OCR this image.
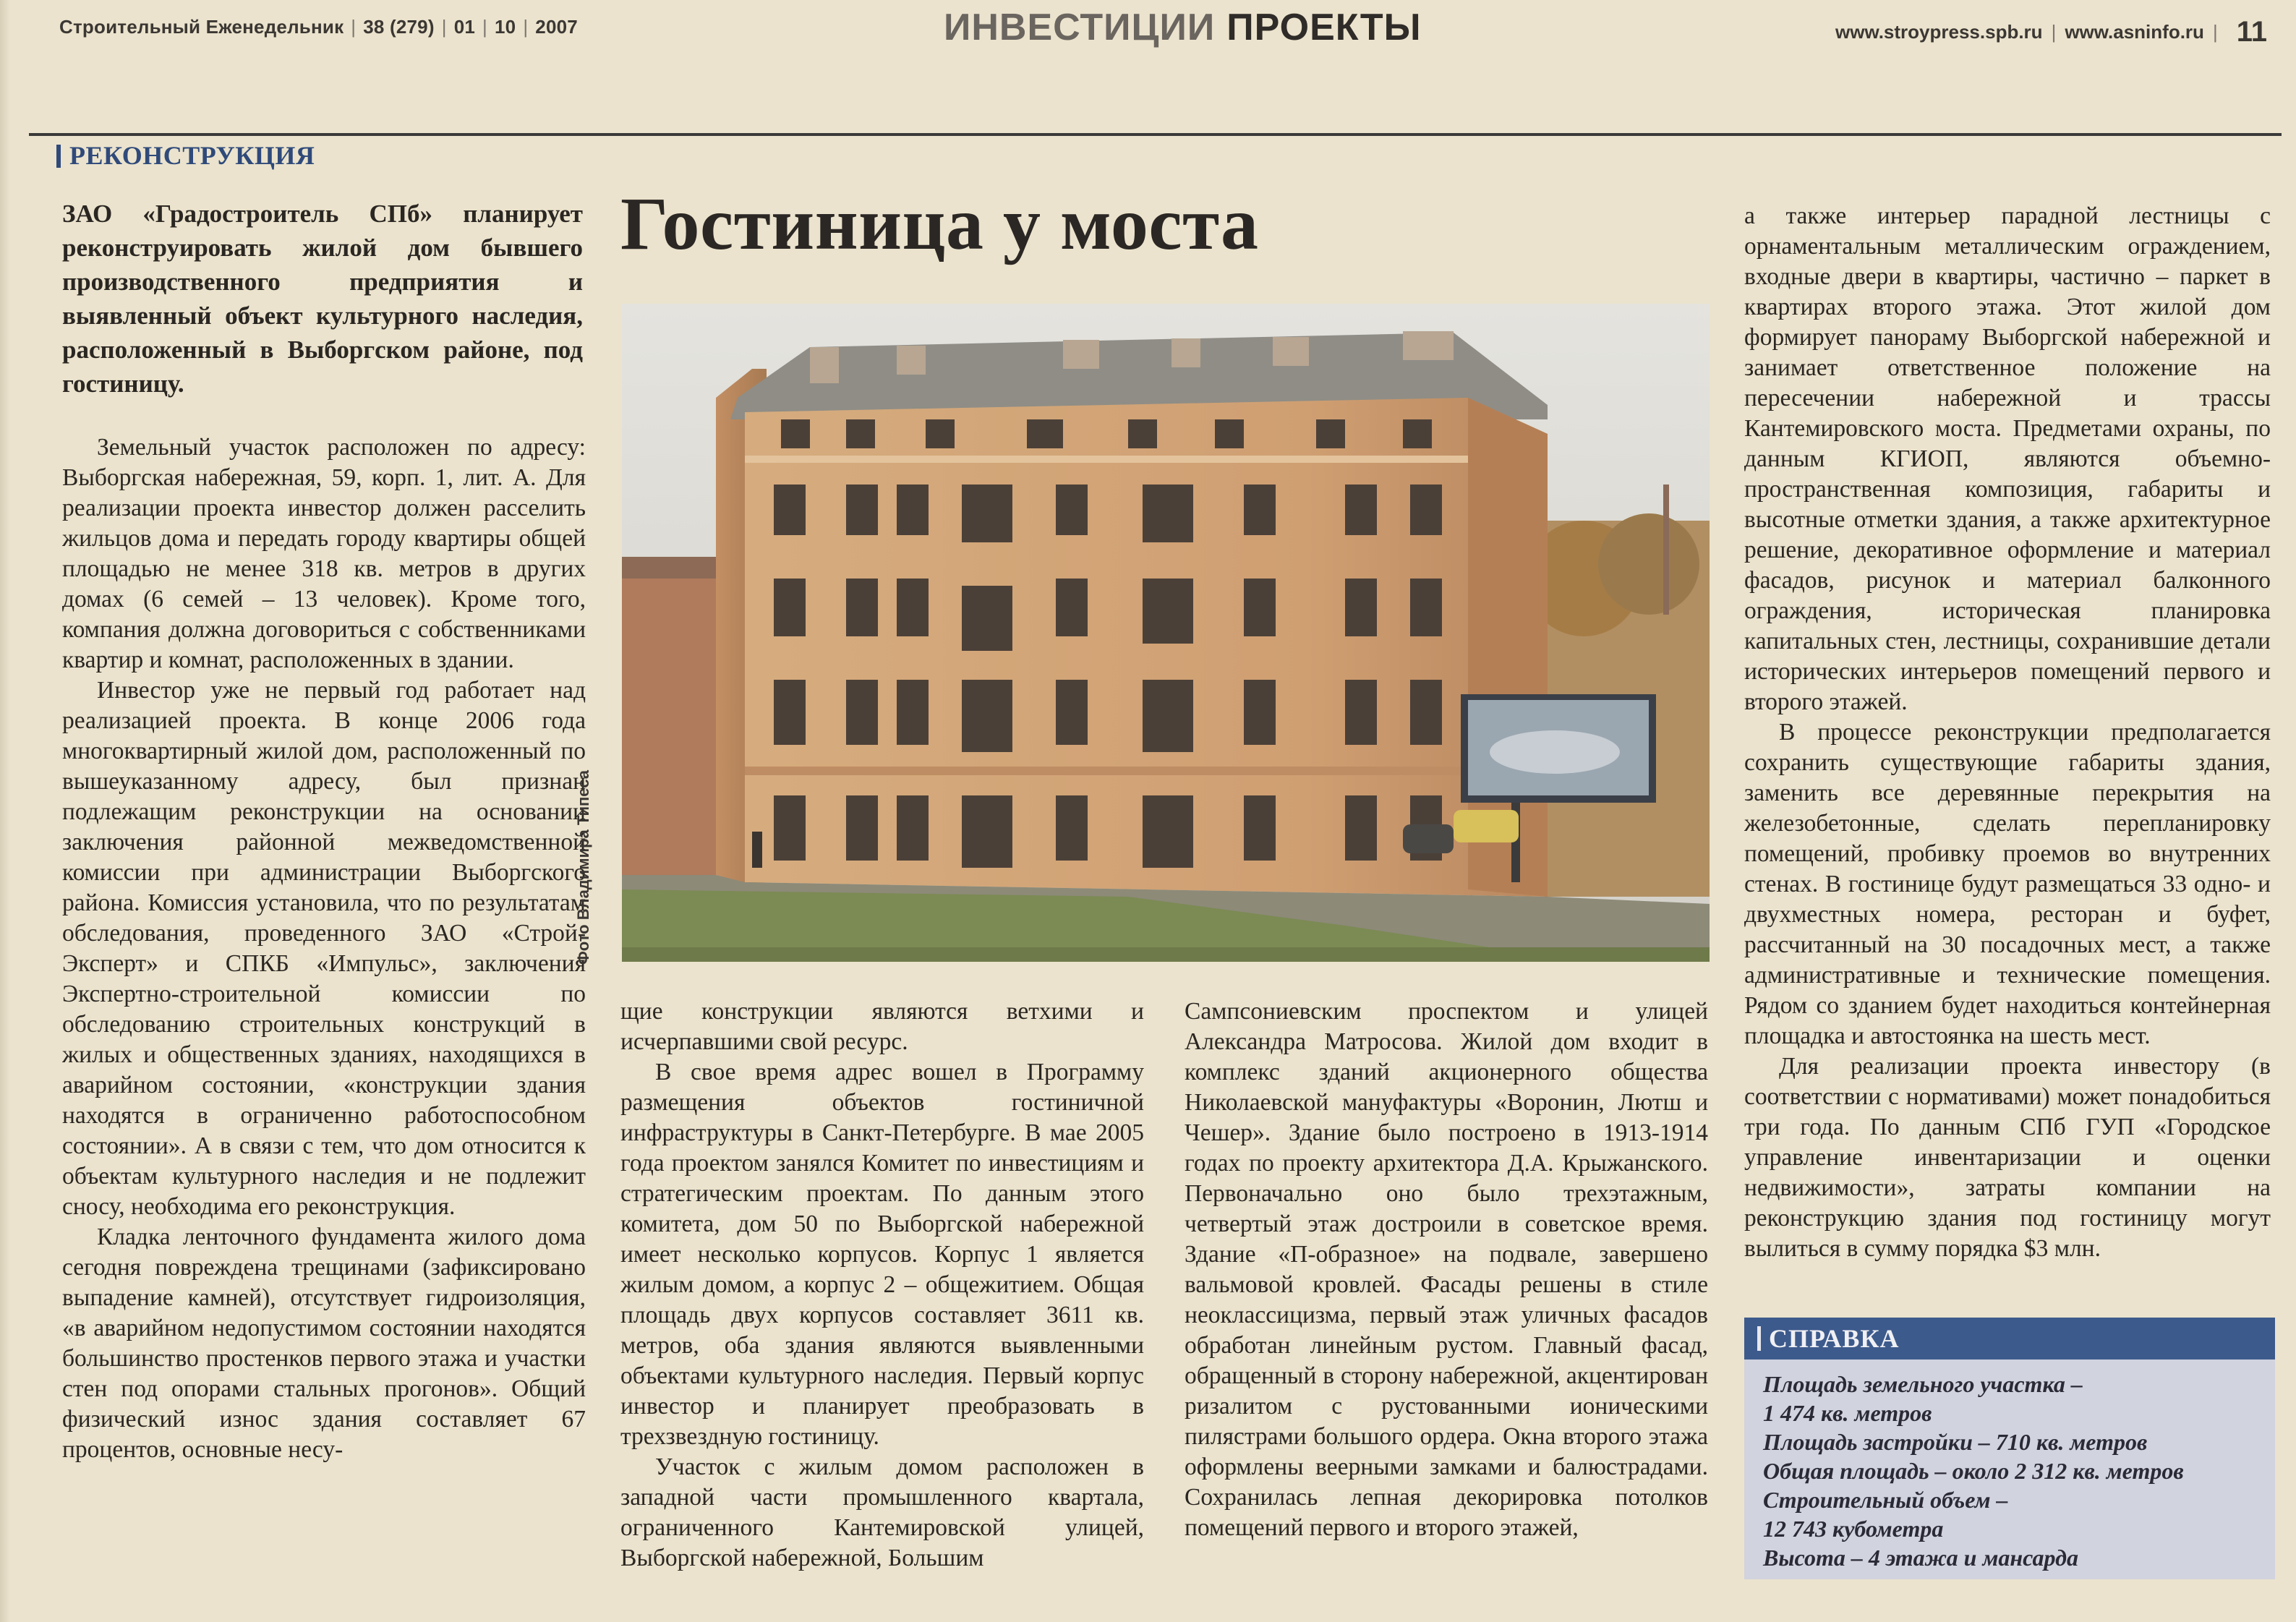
Строительный Еженедельник | 38 (279) | 01 | 10 | 2007	ИНВЕСТИЦИИ ПРОЕКТЫ	www.stroypress.spb.ru | www.asninfo.ru | 11
РЕКОНСТРУКЦИЯ
Гостиница у моста
ЗАО «Градостроитель СПб» планирует реконструировать жилой дом бывшего производственного предприятия и выявленный объект культурного наследия, расположенный в Выборгском районе, под гостиницу.

Земельный участок расположен по адресу: Выборгская набережная, 59, корп. 1, лит. А. Для реализации проекта инвестор должен расселить жильцов дома и передать городу квартиры общей площадью не менее 318 кв. метров в других домах (6 семей – 13 человек). Кроме того, компания должна договориться с собственниками квартир и комнат, расположенных в здании.

Инвестор уже не первый год работает над реализацией проекта. В конце 2006 года многоквартирный жилой дом, расположенный по вышеуказанному адресу, был признан подлежащим реконструкции на основании заключения районной межведомственной комиссии при администрации Выборгского района. Комиссия установила, что по результатам обследования, проведенного ЗАО «Строй-Эксперт» и СПКБ «Импульс», заключения Экспертно-строительной комиссии по обследованию строительных конструкций в жилых и общественных зданиях, находящихся в аварийном состоянии, «конструкции здания находятся в ограниченно работоспособном состоянии». А в связи с тем, что дом относится к объектам культурного наследия и не подлежит сносу, необходима его реконструкция.

Кладка ленточного фундамента жилого дома сегодня повреждена трещинами (зафиксировано выпадение камней), отсутствует гидроизоляция, «в аварийном недопустимом состоянии находятся большинство простенков первого этажа и участки стен под опорами стальных прогонов». Общий физический износ здания составляет 67 процентов, основные несу-

Фото Владимира Типеса

щие конструкции являются ветхими и исчерпавшими свой ресурс.

В свое время адрес вошел в Программу размещения объектов гостиничной инфраструктуры в Санкт-Петербурге. В мае 2005 года проектом занялся Комитет по инвестициям и стратегическим проектам. По данным этого комитета, дом 50 по Выборгской набережной имеет несколько корпусов. Корпус 1 является жилым домом, а корпус 2 – общежитием. Общая площадь двух корпусов составляет 3611 кв. метров, оба здания являются выявленными объектами культурного наследия. Первый корпус инвестор и планирует преобразовать в трехзвездную гостиницу.

Участок с жилым домом расположен в западной части промышленного квартала, ограниченного Кантемировской улицей, Выборгской набережной, Большим

Сампсониевским проспектом и улицей Александра Матросова. Жилой дом входит в комплекс зданий акционерного общества Николаевской мануфактуры «Воронин, Лютш и Чешер». Здание было построено в 1913-1914 годах по проекту архитектора Д.А. Крыжанского. Первоначально оно было трехэтажным, четвертый этаж достроили в советское время. Здание «П-образное» на подвале, завершено вальмовой кровлей. Фасады решены в стиле неоклассицизма, первый этаж уличных фасадов обработан линейным рустом. Главный фасад, обращенный в сторону набережной, акцентирован ризалитом с рустованными ионическими пилястрами большого ордера. Окна второго этажа оформлены веерными замками и балюстрадами. Сохранилась лепная декорировка потолков помещений первого и второго этажей,

а также интерьер парадной лестницы с орнаментальным металлическим ограждением, входные двери в квартиры, частично – паркет в квартирах второго этажа. Этот жилой дом формирует панораму Выборгской набережной и занимает ответственное положение на пересечении набережной и трассы Кантемировского моста. Предметами охраны, по данным КГИОП, являются объемно-пространственная композиция, габариты и высотные отметки здания, а также архитектурное решение, декоративное оформление и материал фасадов, рисунок и материал балконного ограждения, историческая планировка капитальных стен, лестницы, сохранившие детали исторических интерьеров помещений первого и второго этажей.

В процессе реконструкции предполагается сохранить существующие габариты здания, заменить все деревянные перекрытия на железобетонные, сделать перепланировку помещений, пробивку проемов во внутренних стенах. В гостинице будут размещаться 33 одно- и двухместных номера, ресторан и буфет, рассчитанный на 30 посадочных мест, а также административные и технические помещения. Рядом со зданием будет находиться контейнерная площадка и автостоянка на шесть мест.

Для реализации проекта инвестору (в соответствии с нормативами) может понадобиться три года. По данным СПб ГУП «Городское управление инвентаризации и оценки недвижимости», затраты компании на реконструкцию здания под гостиницу могут вылиться в сумму порядка $3 млн.

СПРАВКА
Площадь земельного участка –
1 474 кв. метров
Площадь застройки – 710 кв. метров
Общая площадь – около 2 312 кв. метров
Строительный объем –
12 743 кубометра
Высота – 4 этажа и мансарда
